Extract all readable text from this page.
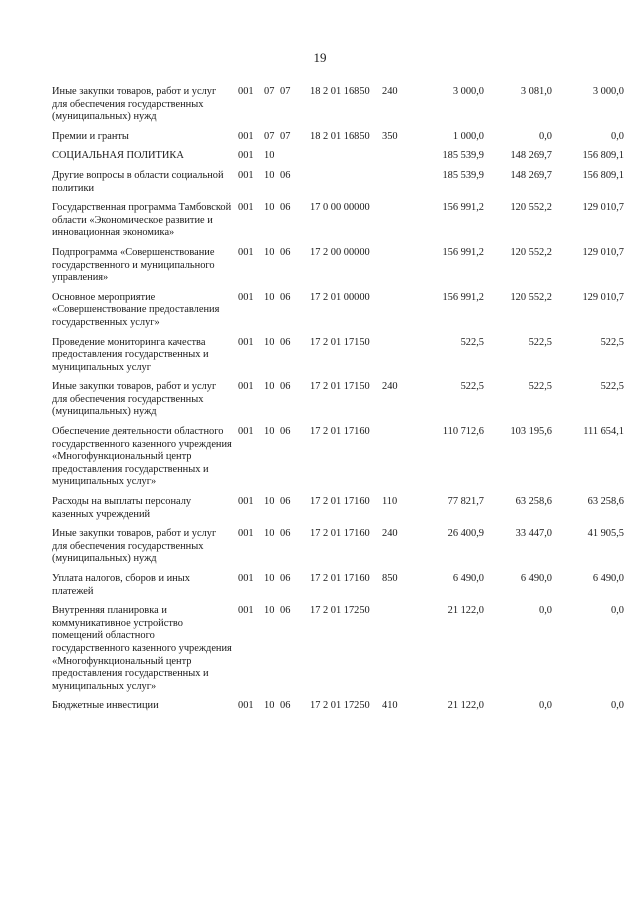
19
Иные закупки товаров, работ и услуг для обеспечения государственных (муниципальных) нужд	001	07	07	18 2 01 16850	240	3 000,0	3 081,0	3 000,0
Премии и гранты	001	07	07	18 2 01 16850	350	1 000,0	0,0	0,0
СОЦИАЛЬНАЯ ПОЛИТИКА	001	10				185 539,9	148 269,7	156 809,1
Другие вопросы в области социальной политики	001	10	06			185 539,9	148 269,7	156 809,1
Государственная программа Тамбовской области «Экономическое развитие и инновационная экономика»	001	10	06	17 0 00 00000		156 991,2	120 552,2	129 010,7
Подпрограмма «Совершенствование государственного и муниципального управления»	001	10	06	17 2 00 00000		156 991,2	120 552,2	129 010,7
Основное мероприятие «Совершенствование предоставления государственных услуг»	001	10	06	17 2 01 00000		156 991,2	120 552,2	129 010,7
Проведение мониторинга качества предоставления государственных и муниципальных услуг	001	10	06	17 2 01 17150		522,5	522,5	522,5
Иные закупки товаров, работ и услуг для обеспечения государственных (муниципальных) нужд	001	10	06	17 2 01 17150	240	522,5	522,5	522,5
Обеспечение деятельности областного государственного казенного учреждения «Многофункциональный центр предоставления государственных и муниципальных услуг»	001	10	06	17 2 01 17160		110 712,6	103 195,6	111 654,1
Расходы на выплаты персоналу казенных учреждений	001	10	06	17 2 01 17160	110	77 821,7	63 258,6	63 258,6
Иные закупки товаров, работ и услуг для обеспечения государственных (муниципальных) нужд	001	10	06	17 2 01 17160	240	26 400,9	33 447,0	41 905,5
Уплата налогов, сборов и иных платежей	001	10	06	17 2 01 17160	850	6 490,0	6 490,0	6 490,0
Внутренняя планировка и коммуникативное устройство помещений областного государственного казенного учреждения «Многофункциональный центр предоставления государственных и муниципальных услуг»	001	10	06	17 2 01 17250		21 122,0	0,0	0,0
Бюджетные инвестиции	001	10	06	17 2 01 17250	410	21 122,0	0,0	0,0
